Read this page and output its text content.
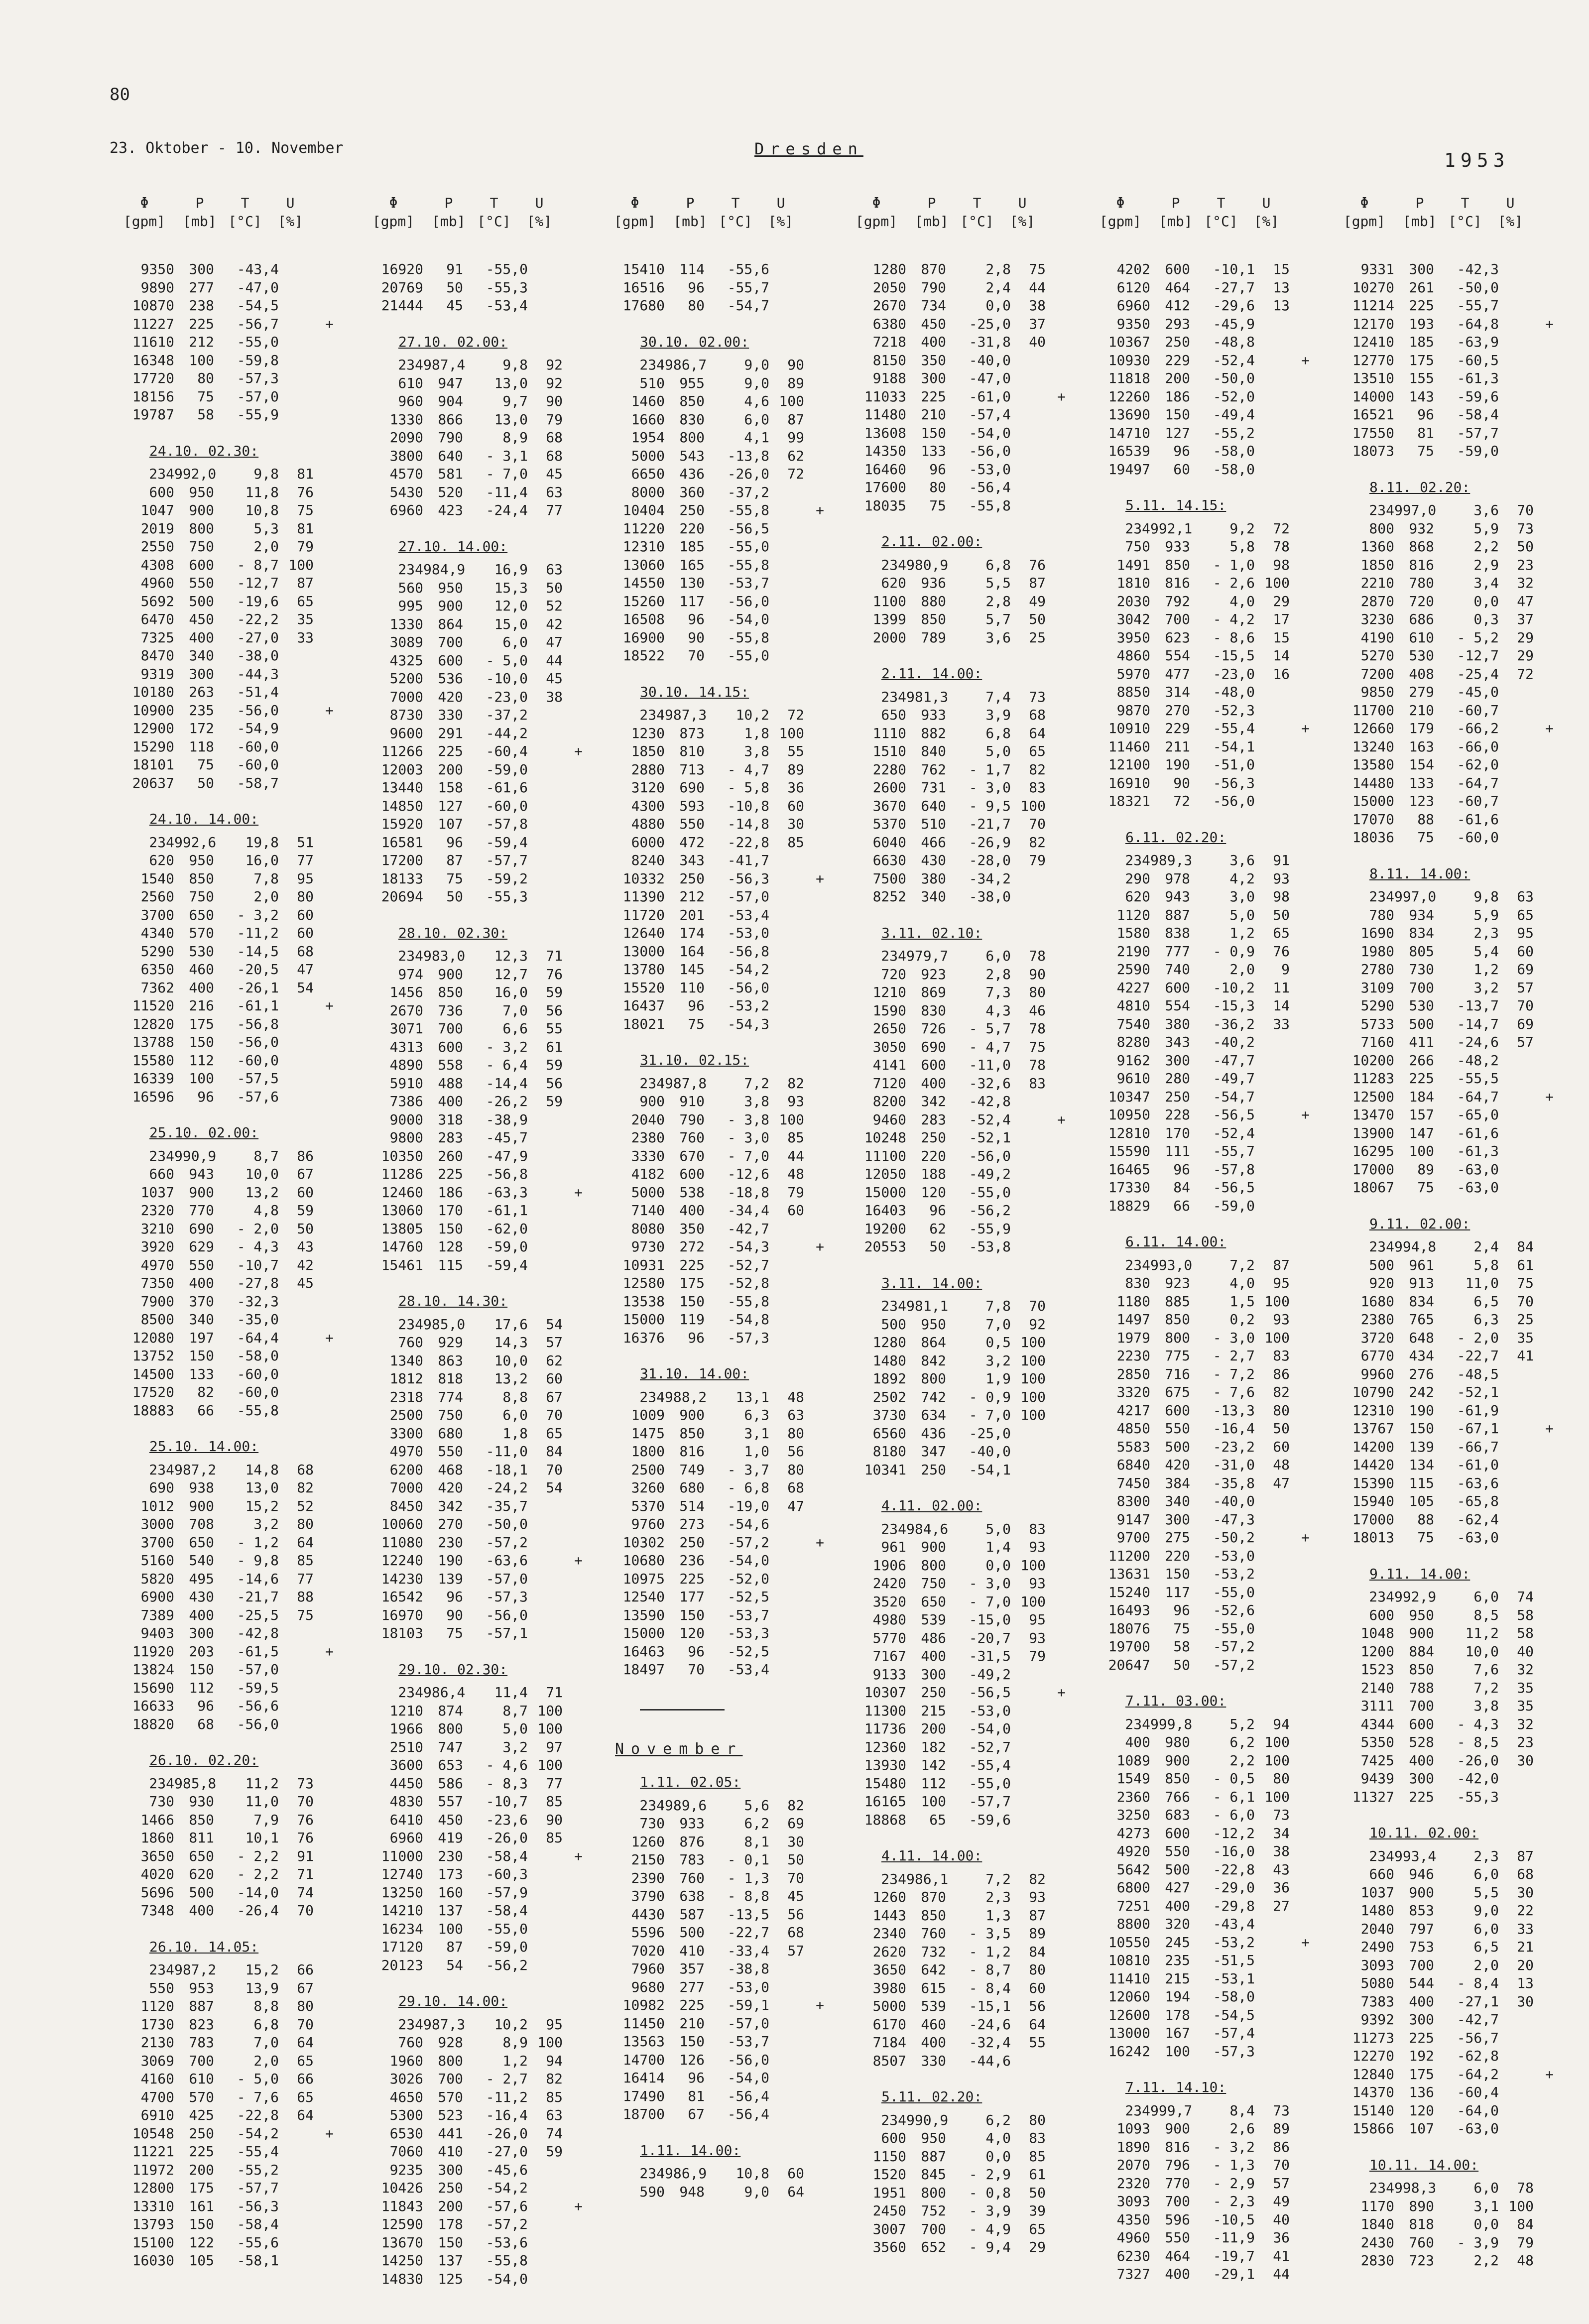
80
23. Oktober - 10. November	Dresden
1953
Φ	P	T	U
[gpm]	[mb] [°C]	[%]
9350	300	-43,4
9890	277	-47,0
10870	238	-54,5
11227	225	-56,7	+
11610	212	-55,0
16348	100	-59,8
17720	80	-57,3
18156	75	-57,0
19787	58	-55,9
24.10. 02.30:
234 992,0	9,8	81
600	950	11,8	76
1047	900	10,8	75
2019	800	5,3	81
2550	750	2,0	79
4308	600	- 8,7 100
4960	550	-12,7	87
5692	500	-19,6	65
6470	450	-22,2	35
7325	400	-27,0	33
8470	340	-38,0
9319	300	-44,3
10180	263	-51,4
10900	235	-56,0	+
12900	172	-54,9
15290	118	-60,0
18101	75	-60,0
20637	50	-58,7
24.10. 14.00:
234 992,6	19,8	51
620	950	16,0	77
1540	850	7,8	95
2560	750	2,0	80
3700	650	- 3,2	60
4340	570	-11,2	60
5290	530	-14,5	68
6350	460	-20,5	47
7362	400	-26,1	54
11520	216	-61,1	+
12820	175	-56,8
13788	150	-56,0
15580	112	-60,0
16339	100	-57,5
16596	96	-57,6
25.10. 02.00:
234 990,9	8,7	86
660	943	10,0	67
1037	900	13,2	60
2320	770	4,8	59
3210	690	- 2,0	50
3920	629	- 4,3	43
4970	550	-10,7	42
7350	400	-27,8	45
7900	370	-32,3
8500	340	-35,0
12080	197	-64,4	+
13752	150	-58,0
14500	133	-60,0
17520	82	-60,0
18883	66	-55,8
25.10. 14.00:
234 987,2	14,8	68
690	938	13,0	82
1012	900	15,2	52
3000	708	3,2	80
3700	650	- 1,2	64
5160	540	- 9,8	85
5820	495	-14,6	77
6900	430	-21,7	88
7389	400	-25,5	75
9403	300	-42,8
11920	203	-61,5	+
13824	150	-57,0
15690	112	-59,5
16633	96	-56,6
18820	68	-56,0
26.10. 02.20:
234 985,8	11,2	73
730	930	11,0	70
1466	850	7,9	76
1860	811	10,1	76
3650	650	- 2,2	91
4020	620	- 2,2	71
5696	500	-14,0	74
7348	400	-26,4	70
26.10. 14.05:
234 987,2	15,2	66
550	953	13,9	67
1120	887	8,8	80
1730	823	6,8	70
2130	783	7,0	64
3069	700	2,0	65
4160	610	- 5,0	66
4700	570	- 7,6	65
6910	425	-22,8	64
10548	250	-54,2	+
11221	225	-55,4
11972	200	-55,2
12800	175	-57,7
13310	161	-56,3
13793	150	-58,4
15100	122	-55,6
16030	105	-58,1
Φ	P	T	U
[gpm]	[mb] [°C]	[%]
16920	91	-55,0
20769	50	-55,3
21444	45	-53,4
27.10. 02.00:
234 987,4	9,8	92
610	947	13,0	92
960	904	9,7	90
1330	866	13,0	79
2090	790	8,9	68
3800	640	- 3,1	68
4570	581	- 7,0	45
5430	520	-11,4	63
6960	423	-24,4	77
27.10. 14.00:
234 984,9	16,9	63
560	950	15,3	50
995	900	12,0	52
1330	864	15,0	42
3089	700	6,0	47
4325	600	- 5,0	44
5200	536	-10,0	45
7000	420	-23,0	38
8730	330	-37,2
9600	291	-44,2
11266	225	-60,4	+
12003	200	-59,0
13440	158	-61,6
14850	127	-60,0
15920	107	-57,8
16581	96	-59,4
17200	87	-57,7
18133	75	-59,2
20694	50	-55,3
28.10. 02.30:
234 983,0	12,3	71
974	900	12,7	76
1456	850	16,0	59
2670	736	7,0	56
3071	700	6,6	55
4313	600	- 3,2	61
4890	558	- 6,4	59
5910	488	-14,4	56
7386	400	-26,2	59
9000	318	-38,9
9800	283	-45,7
10350	260	-47,9
11286	225	-56,8
12460	186	-63,3	+
13060	170	-61,1
13805	150	-62,0
14760	128	-59,0
15461	115	-59,4
28.10. 14.30:
234 985,0	17,6	54
760	929	14,3	57
1340	863	10,0	62
1812	818	13,2	60
2318	774	8,8	67
2500	750	6,0	70
3300	680	1,8	65
4970	550	-11,0	84
6200	468	-18,1	70
7000	420	-24,2	54
8450	342	-35,7
10060	270	-50,0
11080	230	-57,2
12240	190	-63,6	+
14230	139	-57,0
16542	96	-57,3
16970	90	-56,0
18103	75	-57,1
29.10. 02.30:
234 986,4	11,4	71
1210	874	8,7 100
1966	800	5,0 100
2510	747	3,2	97
3600	653	- 4,6 100
4450	586	- 8,3	77
4830	557	-10,7	85
6410	450	-23,6	90
6960	419	-26,0	85
11000	230	-58,4	+
12740	173	-60,3
13250	160	-57,9
14210	137	-58,4
16234	100	-55,0
17120	87	-59,0
20123	54	-56,2
29.10. 14.00:
234 987,3	10,2	95
760	928	8,9 100
1960	800	1,2	94
3026	700	- 2,7	82
4650	570	-11,2	85
5300	523	-16,4	63
6530	441	-26,0	74
7060	410	-27,0	59
9235	300	-45,6
10426	250	-54,2
11843	200	-57,6	+
12590	178	-57,2
13670	150	-53,6
14250	137	-55,8
14830	125	-54,0
Φ	P	T	U
[gpm]	[mb] [°C]	[%]
15410	114	-55,6
16516	96	-55,7
17680	80	-54,7
30.10. 02.00:
234 986,7	9,0	90
510	955	9,0	89
1460	850	4,6 100
1660	830	6,0	87
1954	800	4,1	99
5000	543	-13,8	62
6650	436	-26,0	72
8000	360	-37,2
10404	250	-55,8	+
11220	220	-56,5
12310	185	-55,0
13060	165	-55,8
14550	130	-53,7
15260	117	-56,0
16508	96	-54,0
16900	90	-55,8
18522	70	-55,0
30.10. 14.15:
234 987,3	10,2	72
1230	873	1,8 100
1850	810	3,8	55
2880	713	- 4,7	89
3120	690	- 5,8	36
4300	593	-10,8	60
4880	550	-14,8	30
6000	472	-22,8	85
8240	343	-41,7
10332	250	-56,3	+
11390	212	-57,0
11720	201	-53,4
12640	174	-53,0
13000	164	-56,8
13780	145	-54,2
15520	110	-56,0
16437	96	-53,2
18021	75	-54,3
31.10. 02.15:
234 987,8	7,2	82
900	910	3,8	93
2040	790	- 3,8 100
2380	760	- 3,0	85
3330	670	- 7,0	44
4182	600	-12,6	48
5000	538	-18,8	79
7140	400	-34,4	60
8080	350	-42,7
9730	272	-54,3	+
10931	225	-52,7
12580	175	-52,8
13538	150	-55,8
15000	119	-54,8
16376	96	-57,3
31.10. 14.00:
234 988,2	13,1	48
1009	900	6,3	63
1475	850	3,1	80
1800	816	1,0	56
2500	749	- 3,7	80
3260	680	- 6,8	68
5370	514	-19,0	47
9760	273	-54,6
10302	250	-57,2	+
10680	236	-54,0
10975	225	-52,0
12540	177	-52,5
13590	150	-53,7
15000	120	-53,3
16463	96	-52,5
18497	70	-53,4
November
1.11. 02.05:
234 989,6	5,6	82
730	933	6,2	69
1260	876	8,1	30
2150	783	- 0,1	50
2390	760	- 1,3	70
3790	638	- 8,8	45
4430	587	-13,5	56
5596	500	-22,7	68
7020	410	-33,4	57
7960	357	-38,8
9680	277	-53,0
10982	225	-59,1	+
11450	210	-57,0
13563	150	-53,7
14700	126	-56,0
16414	96	-54,0
17490	81	-56,4
18700	67	-56,4
1.11. 14.00:
234 986,9	10,8	60
590	948	9,0	64
Φ	P	T	U
[gpm]	[mb] [°C]	[%]
1280	870	2,8	75
2050	790	2,4	44
2670	734	0,0	38
6380	450	-25,0	37
7218	400	-31,8	40
8150	350	-40,0
9188	300	-47,0
11033	225	-61,0	+
11480	210	-57,4
13608	150	-54,0
14350	133	-56,0
16460	96	-53,0
17600	80	-56,4
18035	75	-55,8
2.11. 02.00:
234 980,9	6,8	76
620	936	5,5	87
1100	880	2,8	49
1399	850	5,7	50
2000	789	3,6	25
2.11. 14.00:
234 981,3	7,4	73
650	933	3,9	68
1110	882	6,8	64
1510	840	5,0	65
2280	762	- 1,7	82
2600	731	- 3,0	83
3670	640	- 9,5 100
5370	510	-21,7	70
6040	466	-26,9	82
6630	430	-28,0	79
7500	380	-34,2
8252	340	-38,0
3.11. 02.10:
234 979,7	6,0	78
720	923	2,8	90
1210	869	7,3	80
1590	830	4,3	46
2650	726	- 5,7	78
3050	690	- 4,7	75
4141	600	-11,0	78
7120	400	-32,6	83
8200	342	-42,8
9460	283	-52,4	+
10248	250	-52,1
11100	220	-56,0
12050	188	-49,2
15000	120	-55,0
16403	96	-56,2
19200	62	-55,9
20553	50	-53,8
3.11. 14.00:
234 981,1	7,8	70
500	950	7,0	92
1280	864	0,5 100
1480	842	3,2 100
1892	800	1,9 100
2502	742	- 0,9 100
3730	634	- 7,0 100
6560	436	-25,0
8180	347	-40,0
10341	250	-54,1
4.11. 02.00:
234 984,6	5,0	83
961	900	1,4	93
1906	800	0,0 100
2420	750	- 3,0	93
3520	650	- 7,0 100
4980	539	-15,0	95
5770	486	-20,7	93
7167	400	-31,5	79
9133	300	-49,2
10307	250	-56,5	+
11300	215	-53,0
11736	200	-54,0
12360	182	-52,7
13930	142	-55,4
15480	112	-55,0
16165	100	-57,7
18868	65	-59,6
4.11. 14.00:
234 986,1	7,2	82
1260	870	2,3	93
1443	850	1,3	87
2340	760	- 3,5	89
2620	732	- 1,2	84
3650	642	- 8,7	80
3980	615	- 8,4	60
5000	539	-15,1	56
6170	460	-24,6	64
7184	400	-32,4	55
8507	330	-44,6
5.11. 02.20:
234 990,9	6,2	80
600	950	4,0	83
1150	887	0,0	85
1520	845	- 2,9	61
1951	800	- 0,8	50
2450	752	- 3,9	39
3007	700	- 4,9	65
3560	652	- 9,4	29
Φ	P	T	U
[gpm]	[mb] [°C]	[%]
4202	600	-10,1	15
6120	464	-27,7	13
6960	412	-29,6	13
9350	293	-45,9
10367	250	-48,8
10930	229	-52,4	+
11818	200	-50,0
12260	186	-52,0
13690	150	-49,4
14710	127	-55,2
16539	96	-58,0
19497	60	-58,0
5.11. 14.15:
234 992,1	9,2	72
750	933	5,8	78
1491	850	- 1,0	98
1810	816	- 2,6 100
2030	792	4,0	29
3042	700	- 4,2	17
3950	623	- 8,6	15
4860	554	-15,5	14
5970	477	-23,0	16
8850	314	-48,0
9870	270	-52,3
10910	229	-55,4	+
11460	211	-54,1
12100	190	-51,0
16910	90	-56,3
18321	72	-56,0
6.11. 02.20:
234 989,3	3,6	91
290	978	4,2	93
620	943	3,0	98
1120	887	5,0	50
1580	838	1,2	65
2190	777	- 0,9	76
2590	740	2,0	9
4227	600	-10,2	11
4810	554	-15,3	14
7540	380	-36,2	33
8280	343	-40,2
9162	300	-47,7
9610	280	-49,7
10347	250	-54,7
10950	228	-56,5	+
12810	170	-52,4
15590	111	-55,7
16465	96	-57,8
17330	84	-56,5
18829	66	-59,0
6.11. 14.00:
234 993,0	7,2	87
830	923	4,0	95
1180	885	1,5 100
1497	850	0,2	93
1979	800	- 3,0 100
2230	775	- 2,7	83
2850	716	- 7,2	86
3320	675	- 7,6	82
4217	600	-13,3	80
4850	550	-16,4	50
5583	500	-23,2	60
6840	420	-31,0	48
7450	384	-35,8	47
8300	340	-40,0
9147	300	-47,3
9700	275	-50,2	+
11200	220	-53,0
13631	150	-53,2
15240	117	-55,0
16493	96	-52,6
18076	75	-55,0
19700	58	-57,2
20647	50	-57,2
7.11. 03.00:
234 999,8	5,2	94
400	980	6,2 100
1089	900	2,2 100
1549	850	- 0,5	80
2360	766	- 6,1 100
3250	683	- 6,0	73
4273	600	-12,2	34
4920	550	-16,0	38
5642	500	-22,8	43
6800	427	-29,0	36
7251	400	-29,8	27
8800	320	-43,4
10550	245	-53,2	+
10810	235	-51,5
11410	215	-53,1
12060	194	-58,0
12600	178	-54,5
13000	167	-57,4
16242	100	-57,3
7.11. 14.10:
234 999,7	8,4	73
1093	900	2,6	89
1890	816	- 3,2	86
2070	796	- 1,3	70
2320	770	- 2,9	57
3093	700	- 2,3	49
4350	596	-10,5	40
4960	550	-11,9	36
6230	464	-19,7	41
7327	400	-29,1	44
Φ	P	T	U
[gpm]	[mb] [°C]	[%]
9331	300	-42,3
10270	261	-50,0
11214	225	-55,7
12170	193	-64,8	+
12410	185	-63,9
12770	175	-60,5
13510	155	-61,3
14000	143	-59,6
16521	96	-58,4
17550	81	-57,7
18073	75	-59,0
8.11. 02.20:
234 997,0	3,6	70
800	932	5,9	73
1360	868	2,2	50
1850	816	2,9	23
2210	780	3,4	32
2870	720	0,0	47
3230	686	0,3	37
4190	610	- 5,2	29
5270	530	-12,7	29
7200	408	-25,4	72
9850	279	-45,0
11700	210	-60,7
12660	179	-66,2	+
13240	163	-66,0
13580	154	-62,0
14480	133	-64,7
15000	123	-60,7
17070	88	-61,6
18036	75	-60,0
8.11. 14.00:
234 997,0	9,8	63
780	934	5,9	65
1690	834	2,3	95
1980	805	5,4	60
2780	730	1,2	69
3109	700	3,2	57
5290	530	-13,7	70
5733	500	-14,7	69
7160	411	-24,6	57
10200	266	-48,2
11283	225	-55,5
12500	184	-64,7	+
13470	157	-65,0
13900	147	-61,6
16295	100	-61,3
17000	89	-63,0
18067	75	-63,0
9.11. 02.00:
234 994,8	2,4	84
500	961	5,8	61
920	913	11,0	75
1680	834	6,5	70
2380	765	6,3	25
3720	648	- 2,0	35
6770	434	-22,7	41
9960	276	-48,5
10790	242	-52,1
12310	190	-61,9
13767	150	-67,1	+
14200	139	-66,7
14420	134	-61,0
15390	115	-63,6
15940	105	-65,8
17000	88	-62,4
18013	75	-63,0
9.11. 14.00:
234 992,9	6,0	74
600	950	8,5	58
1048	900	11,2	58
1200	884	10,0	40
1523	850	7,6	32
2140	788	7,2	35
3111	700	3,8	35
4344	600	- 4,3	32
5350	528	- 8,5	23
7425	400	-26,0	30
9439	300	-42,0
11327	225	-55,3
10.11. 02.00:
234 993,4	2,3	87
660	946	6,0	68
1037	900	5,5	30
1480	853	9,0	22
2040	797	6,0	33
2490	753	6,5	21
3093	700	2,0	20
5080	544	- 8,4	13
7383	400	-27,1	30
9392	300	-42,7
11273	225	-56,7
12270	192	-62,8
12840	175	-64,2	+
14370	136	-60,4
15140	120	-64,0
15866	107	-63,0
10.11. 14.00:
234 998,3	6,0	78
1170	890	3,1 100
1840	818	0,0	84
2430	760	- 3,9	79
2830	723	2,2	48
